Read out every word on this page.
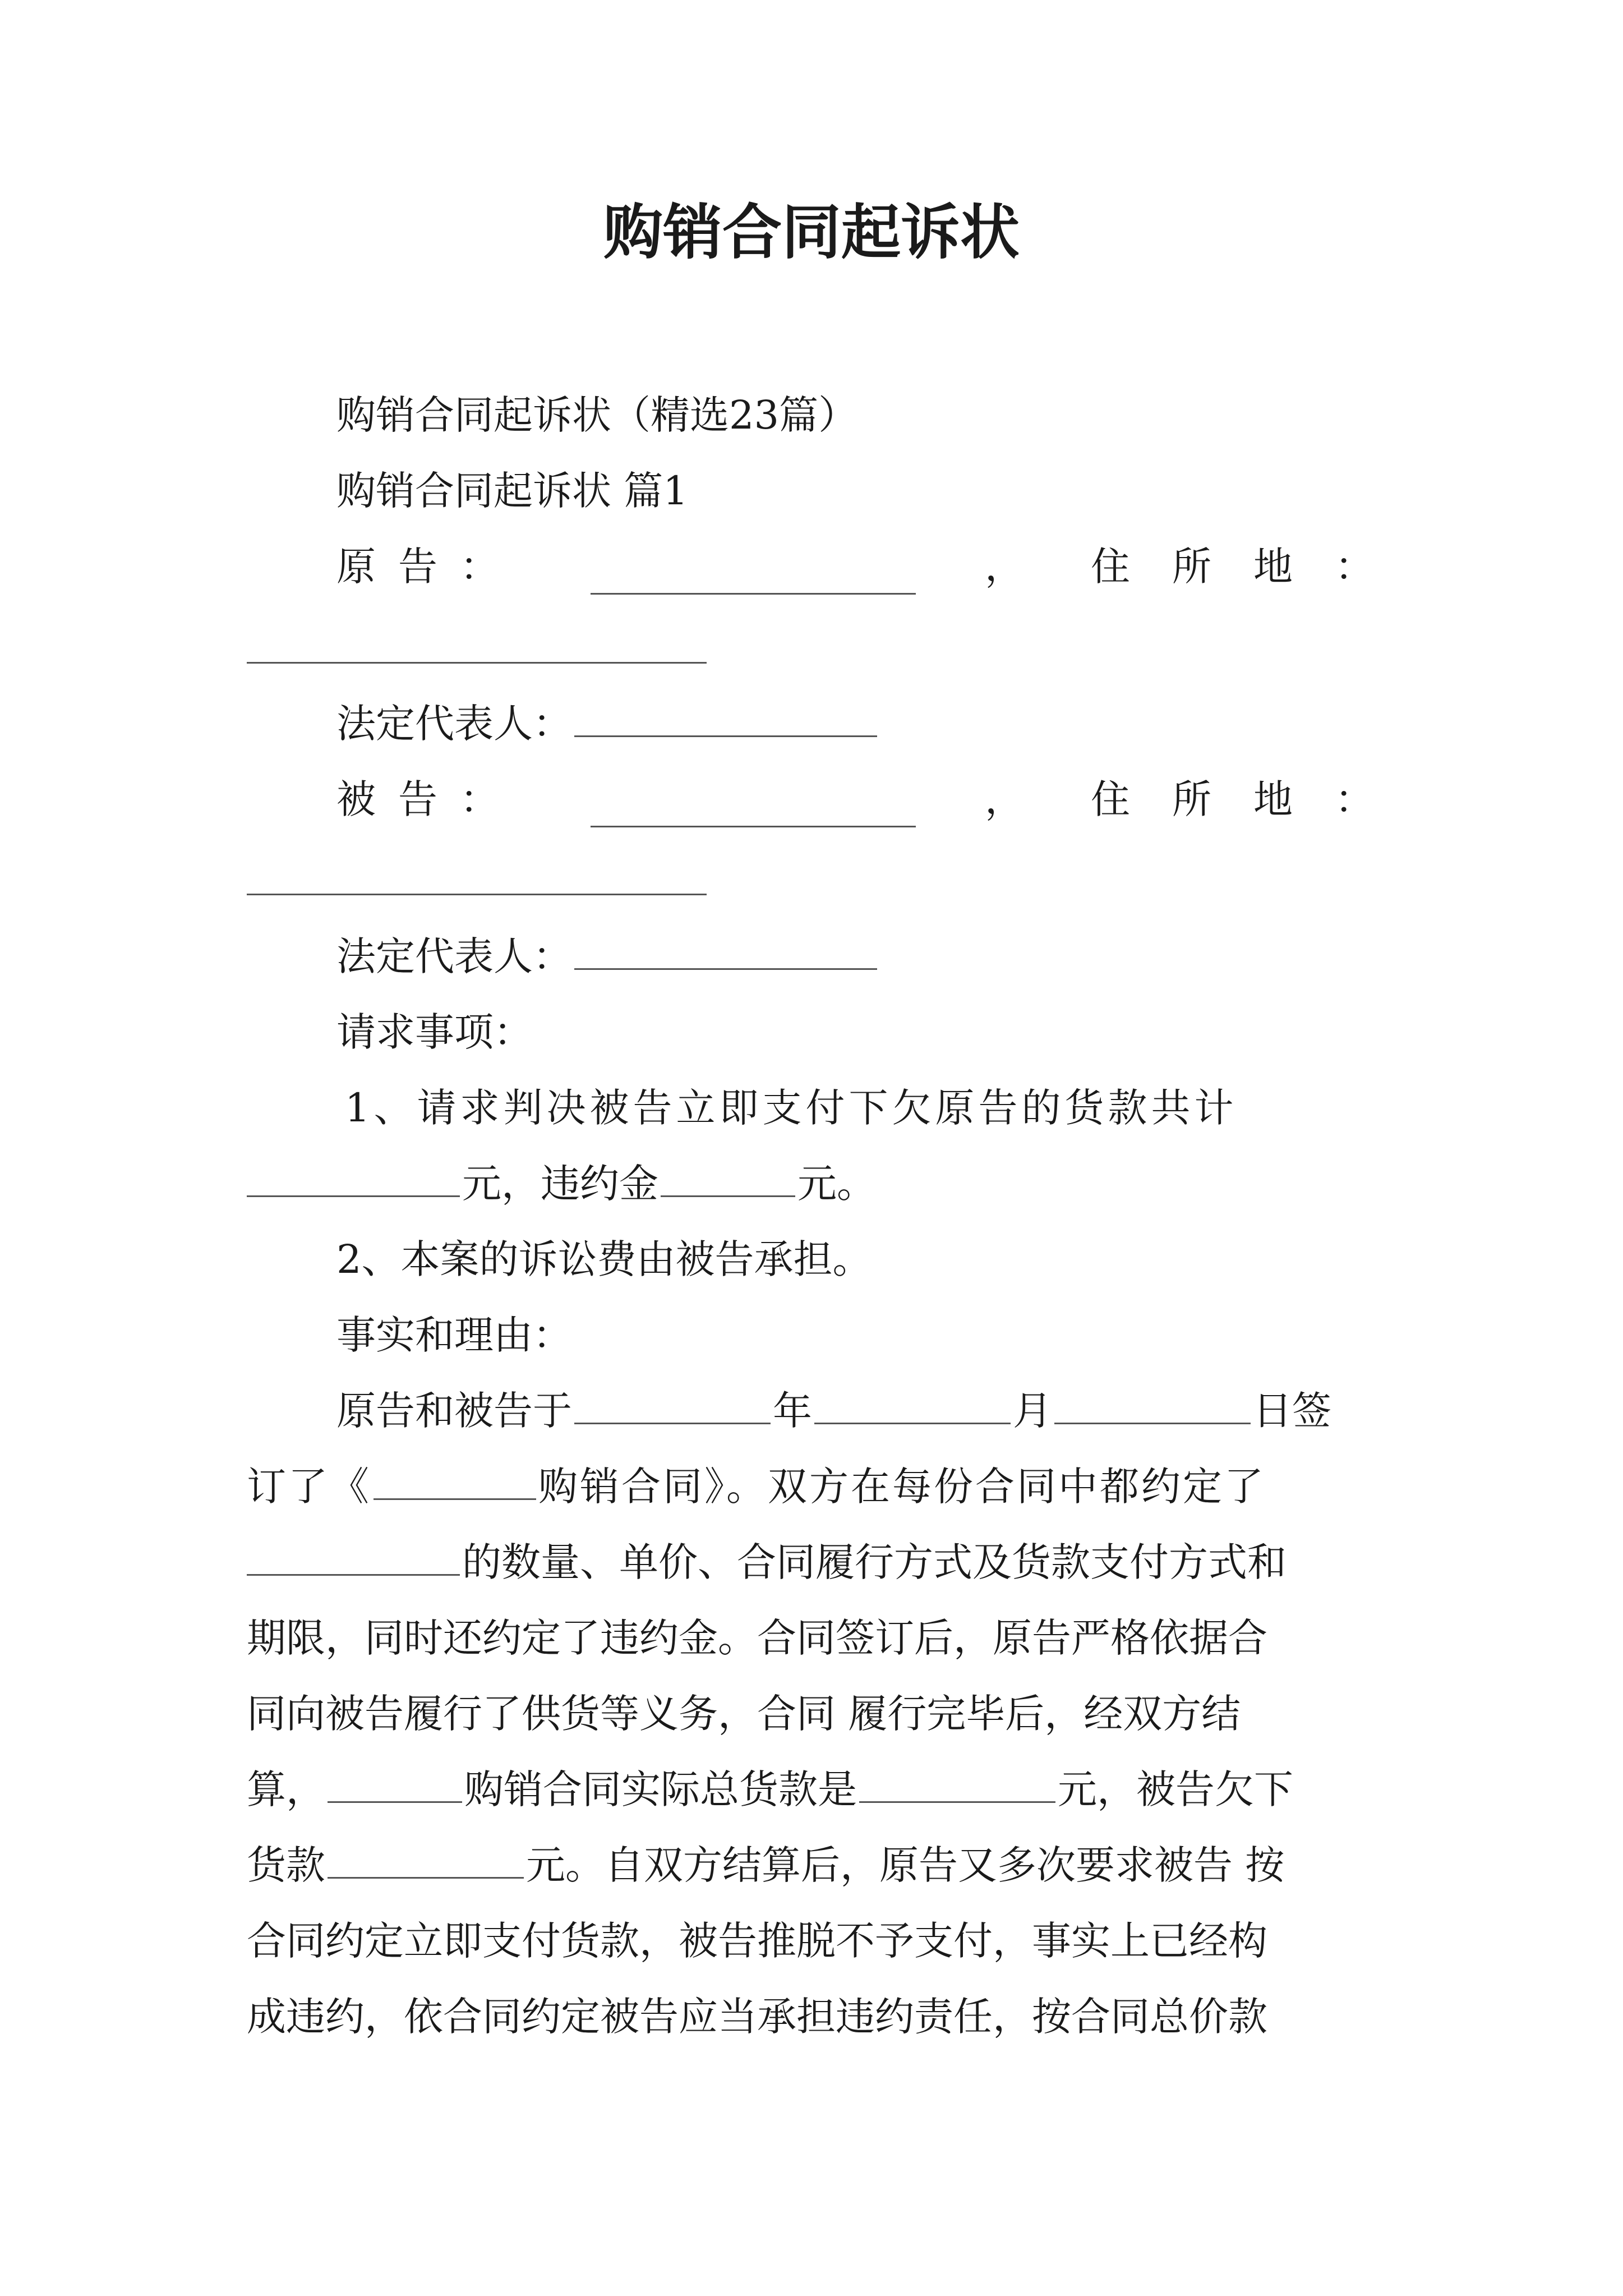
购销合同起诉状

购销合同起诉状（精选23篇）

购销合同起诉状 篇1

原告：	， 住所地：

法定代表人：

被告：	， 住所地：

法定代表人：

请求事项：

1、请求判决被告立即支付下欠原告的货款共计

元，违约金	元。

2、本案的诉讼费由被告承担。

事实和理由：

原告和被告于	年	月	日签

订了《	购销合同》。双方在每份合同中都约定了

的数量、单价、合同履行方式及货款支付方式和

期限，同时还约定了违约金。合同签订后，原告严格依据合

同向被告履行了供货等义务，合同 履行完毕后，经双方结

算，	购销合同实际总货款是	元，被告欠下

货款	元。自双方结算后，原告又多次要求被告 按

合同约定立即支付货款，被告推脱不予支付，事实上已经构

成违约，依合同约定被告应当承担违约责任，按合同总价款
